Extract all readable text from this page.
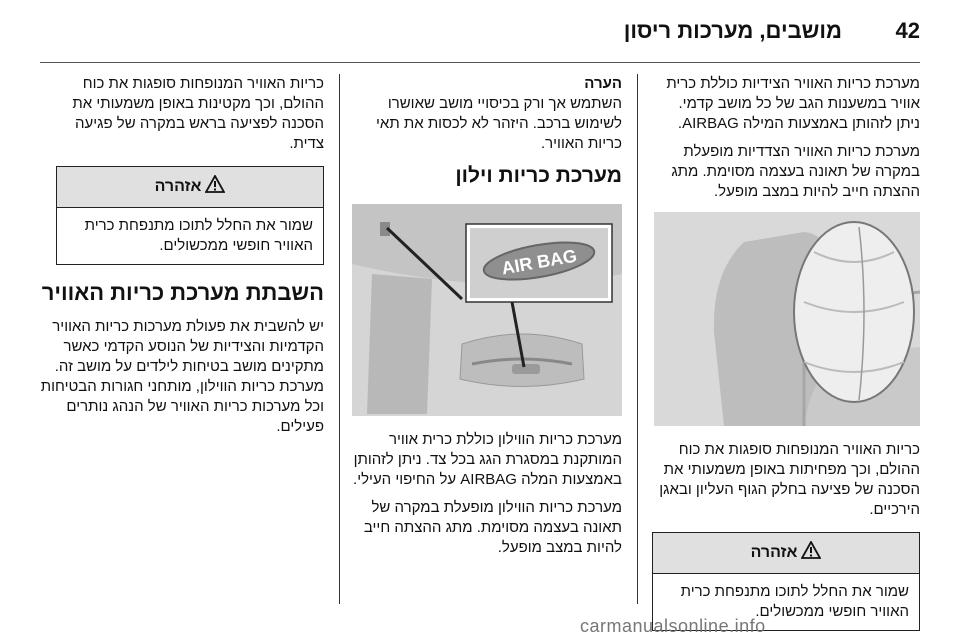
42
מושבים, מערכות ריסון

מערכת כריות האוויר הצידיות כוללת כרית אוויר במשענות הגב של כל מושב קדמי. ניתן לזהותן באמצעות המילה AIRBAG.

מערכת כריות האוויר הצדדיות מופעלת במקרה של תאונה בעצמה מסוימת. מתג ההצתה חייב להיות במצב מופעל.

כריות האוויר המנופחות סופגות את כוח ההולם, וכך מפחיתות באופן משמעותי את הסכנה של פציעה בחלק הגוף העליון ובאגן הירכיים.

אזהרה
שמור את החלל לתוכו מתנפחת כרית האוויר חופשי ממכשולים.
הערה

השתמש אך ורק בכיסויי מושב שאושרו לשימוש ברכב. היזהר לא לכסות את תאי כריות האוויר.

מערכת כריות וילון
AIR BAG

מערכת כריות הווילון כוללת כרית אוויר המותקנת במסגרת הגג בכל צד. ניתן לזהותן באמצעות המלה AIRBAG על החיפוי העילי.

מערכת כריות הווילון מופעלת במקרה של תאונה בעצמה מסוימת. מתג ההצתה חייב להיות במצב מופעל.

כריות האוויר המנופחות סופגות את כוח ההולם, וכך מקטינות באופן משמעותי את הסכנה לפציעה בראש במקרה של פגיעה צדית.

אזהרה
שמור את החלל לתוכו מתנפחת כרית האוויר חופשי ממכשולים.
השבתת מערכת כריות האוויר

יש להשבית את פעולת מערכות כריות האוויר הקדמיות והצידיות של הנוסע הקדמי כאשר מתקינים מושב בטיחות לילדים על מושב זה. מערכת כריות הווילון, מותחני חגורות הבטיחות וכל מערכות כריות האוויר של הנהג נותרים פעילים.

carmanualsonline.info
